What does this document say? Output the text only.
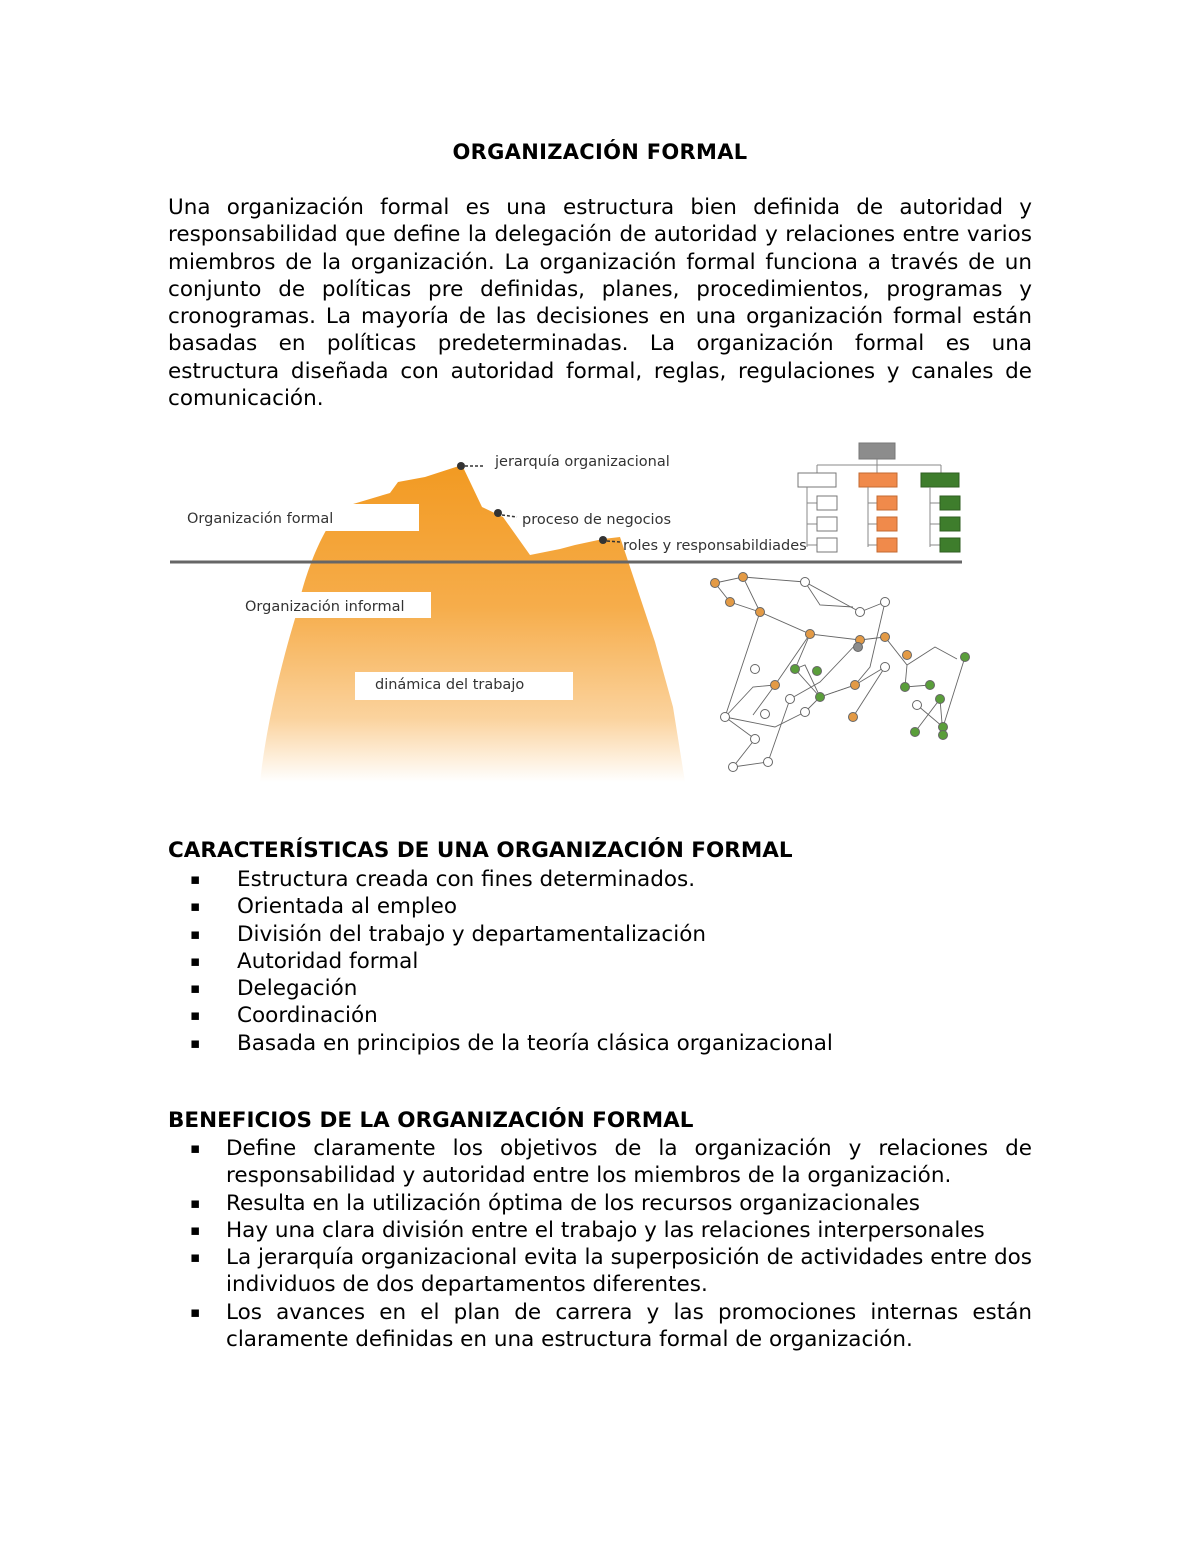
ORGANIZACIÓN FORMAL
Una organización formal es una estructura bien definida de autoridad y responsabilidad que define la delegación de autoridad y relaciones entre varios miembros de la organización. La organización formal funciona a través de un conjunto de políticas pre definidas, planes, procedimientos, programas y cronogramas. La mayoría de las decisiones en una organización formal están basadas en políticas predeterminadas. La organización formal es una estructura diseñada con autoridad formal, reglas, regulaciones y canales de comunicación.
Organización formal
Organización informal
jerarquía organizacional
proceso de negocios
roles y responsabildiades
dinámica del trabajo
CARACTERÍSTICAS DE UNA ORGANIZACIÓN FORMAL
▪ Estructura creada con fines determinados.
▪ Orientada al empleo
▪ División del trabajo y departamentalización
▪ Autoridad formal
▪ Delegación
▪ Coordinación
▪ Basada en principios de la teoría clásica organizacional
BENEFICIOS DE LA ORGANIZACIÓN FORMAL
▪ Define claramente los objetivos de la organización y relaciones de responsabilidad y autoridad entre los miembros de la organización.
▪ Resulta en la utilización óptima de los recursos organizacionales
▪ Hay una clara división entre el trabajo y las relaciones interpersonales
▪ La jerarquía organizacional evita la superposición de actividades entre dos individuos de dos departamentos diferentes.
▪ Los avances en el plan de carrera y las promociones internas están claramente definidas en una estructura formal de organización.
